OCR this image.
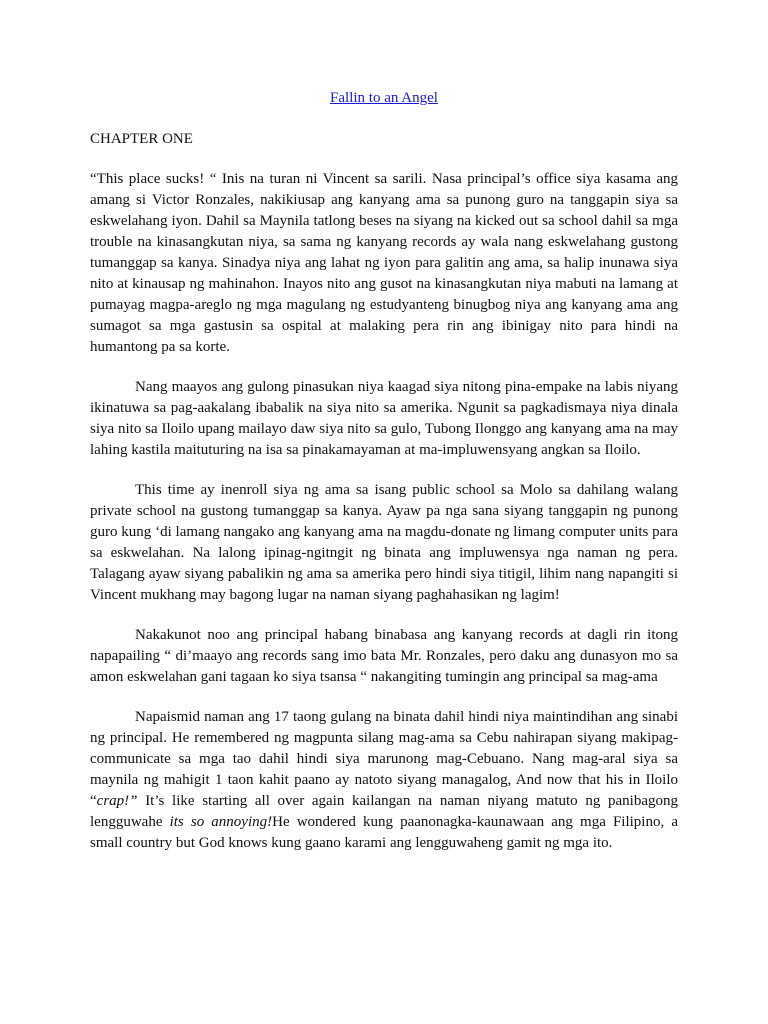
Fallin to an Angel

CHAPTER ONE

“This place sucks! “ Inis na turan ni Vincent sa sarili. Nasa principal’s office siya kasama ang amang si Victor Ronzales, nakikiusap ang kanyang ama sa punong guro na tanggapin siya sa eskwelahang iyon. Dahil sa Maynila tatlong beses na siyang na kicked out sa school dahil sa mga trouble na kinasangkutan niya, sa sama ng kanyang records ay wala nang eskwelahang gustong tumanggap sa kanya. Sinadya niya ang lahat ng iyon para galitin ang ama, sa halip inunawa siya nito at kinausap ng mahinahon. Inayos nito ang gusot na kinasangkutan niya mabuti na lamang at pumayag magpa-areglo ng mga magulang ng estudyanteng binugbog niya ang kanyang ama ang sumagot sa mga gastusin sa ospital at malaking pera rin ang ibinigay nito para hindi na humantong pa sa korte.

Nang maayos ang gulong pinasukan niya kaagad siya nitong pina-empake na labis niyang ikinatuwa sa pag-aakalang ibabalik na siya nito sa amerika. Ngunit sa pagkadismaya niya dinala siya nito sa Iloilo upang mailayo daw siya nito sa gulo, Tubong Ilonggo ang kanyang ama na may lahing kastila maituturing na isa sa pinakamayaman at ma-impluwensyang angkan sa Iloilo.

This time ay inenroll siya ng ama sa isang public school sa Molo sa dahilang walang private school na gustong tumanggap sa kanya. Ayaw pa nga sana siyang tanggapin ng punong guro kung ‘di lamang nangako ang kanyang ama na magdu-donate ng limang computer units para sa eskwelahan. Na lalong ipinag-ngitngit ng binata ang impluwensya nga naman ng pera. Talagang ayaw siyang pabalikin ng ama sa amerika pero hindi siya titigil, lihim nang napangiti si Vincent mukhang may bagong lugar na naman siyang paghahasikan ng lagim!

Nakakunot noo ang principal habang binabasa ang kanyang records at dagli rin itong napapailing “ di’maayo ang records sang imo bata Mr. Ronzales, pero daku ang dunasyon mo sa amon eskwelahan gani tagaan ko siya tsansa “ nakangiting tumingin ang principal sa mag-ama

Napaismid naman ang 17 taong gulang na binata dahil hindi niya maintindihan ang sinabi ng principal. He remembered ng magpunta silang mag-ama sa Cebu nahirapan siyang makipag-communicate sa mga tao dahil hindi siya marunong mag-Cebuano. Nang mag-aral siya sa maynila ng mahigit 1 taon kahit paano ay natoto siyang managalog, And now that his in Iloilo “crap!” It’s like starting all over again kailangan na naman niyang matuto ng panibagong lengguwahe its so annoying!He wondered kung paanonagka-kaunawaan ang mga Filipino, a small country but God knows kung gaano karami ang lengguwaheng gamit ng mga ito.
